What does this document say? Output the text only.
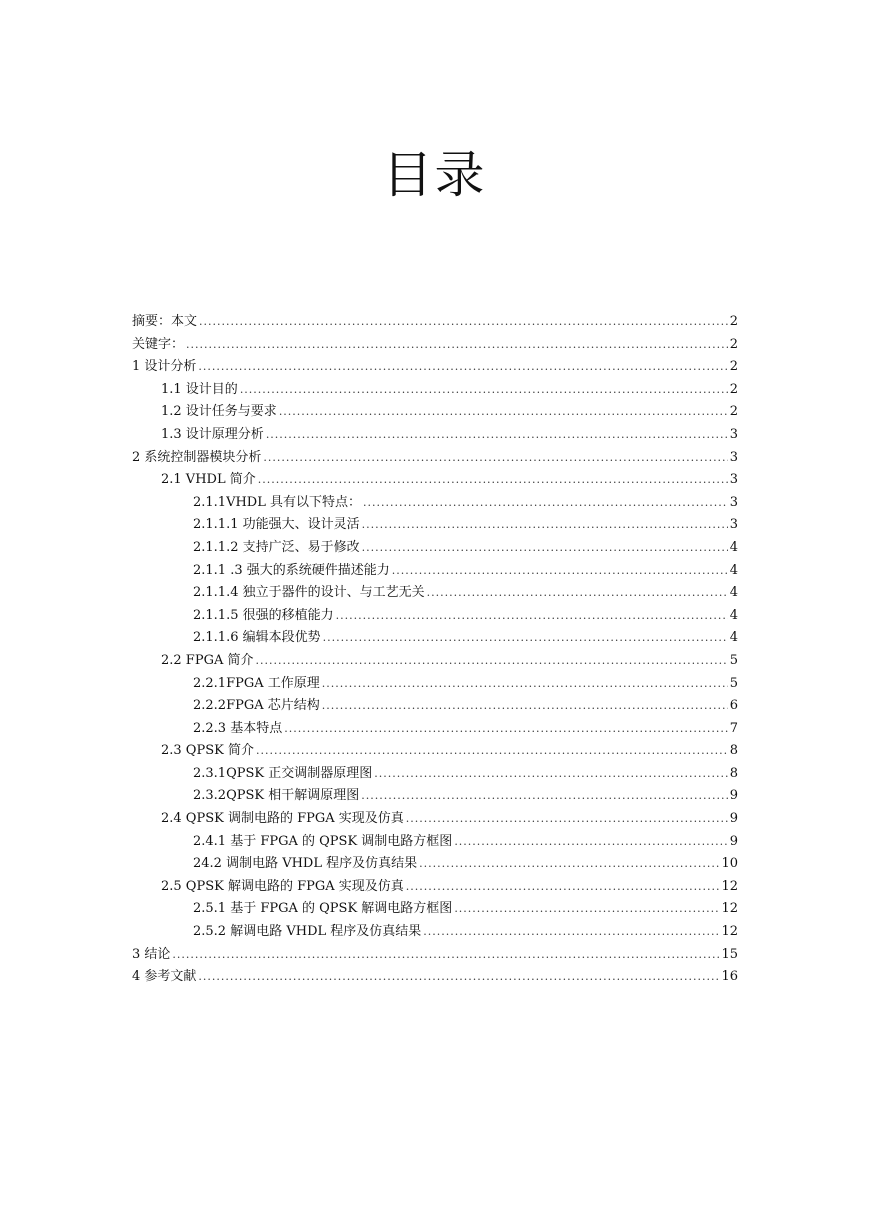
目录
摘要：本文 .....	2
关键字： .....	2
1 设计分析 .....	2
1.1 设计目的 .....	2
1.2 设计任务与要求 .....	2
1.3 设计原理分析 .....	3
2 系统控制器模块分析 .....	3
2.1 VHDL 简介 .....	3
2.1.1VHDL 具有以下特点： .....	3
2.1.1.1 功能强大、设计灵活 .....	3
2.1.1.2 支持广泛、易于修改 .....	4
2.1.1 .3 强大的系统硬件描述能力 .....	4
2.1.1.4 独立于器件的设计、与工艺无关 .....	4
2.1.1.5 很强的移植能力 .....	4
2.1.1.6 编辑本段优势 .....	4
2.2 FPGA 简介 .....	5
2.2.1FPGA 工作原理 .....	5
2.2.2FPGA 芯片结构 .....	6
2.2.3 基本特点 .....	7
2.3 QPSK 简介 .....	8
2.3.1QPSK 正交调制器原理图 .....	8
2.3.2QPSK 相干解调原理图 .....	9
2.4 QPSK 调制电路的 FPGA 实现及仿真 .....	9
2.4.1 基于 FPGA 的 QPSK 调制电路方框图 .....	9
24.2 调制电路 VHDL 程序及仿真结果 .....	10
2.5 QPSK 解调电路的 FPGA 实现及仿真 .....	12
2.5.1 基于 FPGA 的 QPSK 解调电路方框图 .....	12
2.5.2 解调电路 VHDL 程序及仿真结果 .....	12
3 结论 .....	15
4 参考文献 .....	16
